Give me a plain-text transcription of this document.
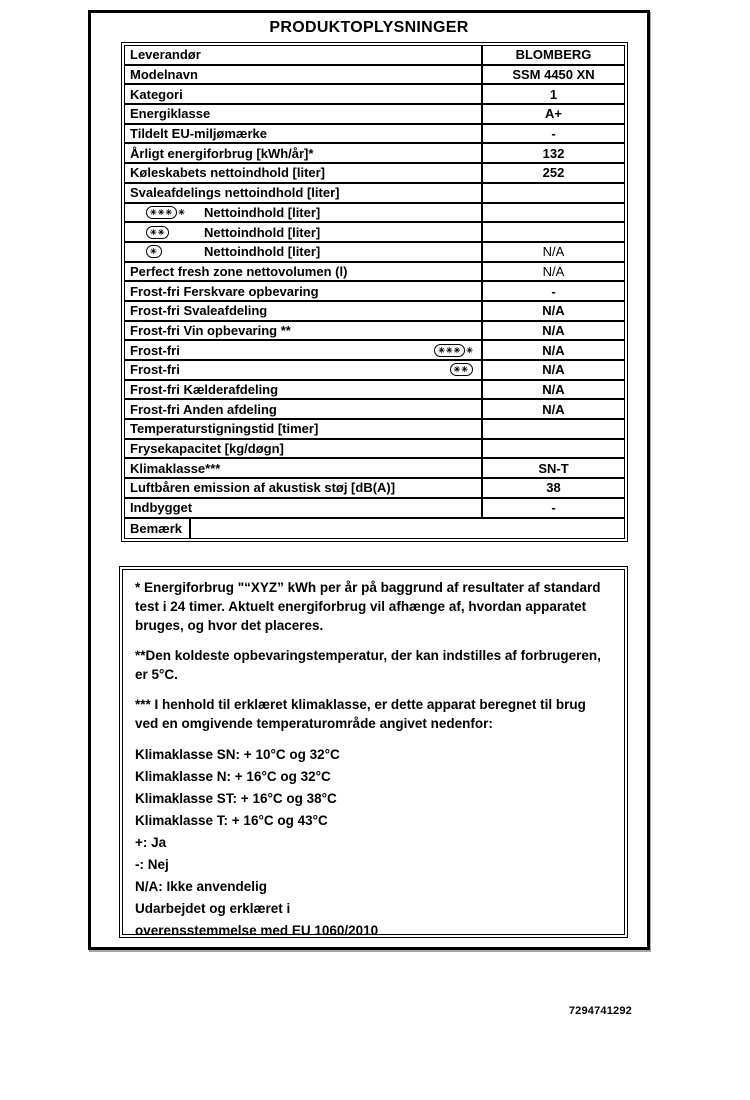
PRODUKTOPLYSNINGER
Leverandør	BLOMBERG
Modelnavn	SSM 4450 XN
Kategori	1
Energiklasse	A+
Tildelt EU-miljømærke	-
Årligt energiforbrug [kWh/år]*	132
Køleskabets nettoindhold [liter]	252
Svaleafdelings nettoindhold [liter]
✳✳✳ ✳ Nettoindhold [liter]
✳✳	Nettoindhold [liter]
✳	Nettoindhold [liter]	N/A
Perfect fresh zone nettovolumen (l)	N/A
Frost-fri Ferskvare opbevaring	-
Frost-fri Svaleafdeling	N/A
Frost-fri Vin opbevaring **	N/A
Frost-fri	✳✳✳ ✳	N/A
Frost-fri	✳✳	N/A
Frost-fri Kælderafdeling	N/A
Frost-fri Anden afdeling	N/A
Temperaturstigningstid [timer]
Frysekapacitet [kg/døgn]
Klimaklasse***	SN-T
Luftbåren emission af akustisk støj [dB(A)]	38
Indbygget	-
Bemærk

* Energiforbrug "“XYZ” kWh per år på baggrund af resultater af standard test i 24 timer. Aktuelt energiforbrug vil afhænge af, hvordan apparatet bruges, og hvor det placeres.

**Den koldeste opbevaringstemperatur, der kan indstilles af forbrugeren, er 5°C.

*** I henhold til erklæret klimaklasse, er dette apparat beregnet til brug ved en omgivende temperaturområde angivet nedenfor:

Klimaklasse SN: + 10°C og 32°C
Klimaklasse N: + 16°C og 32°C
Klimaklasse ST: + 16°C og 38°C
Klimaklasse T: + 16°C og 43°C
+: Ja
-: Nej
N/A: Ikke anvendelig
Udarbejdet og erklæret i
overensstemmelse med EU 1060/2010
7294741292
